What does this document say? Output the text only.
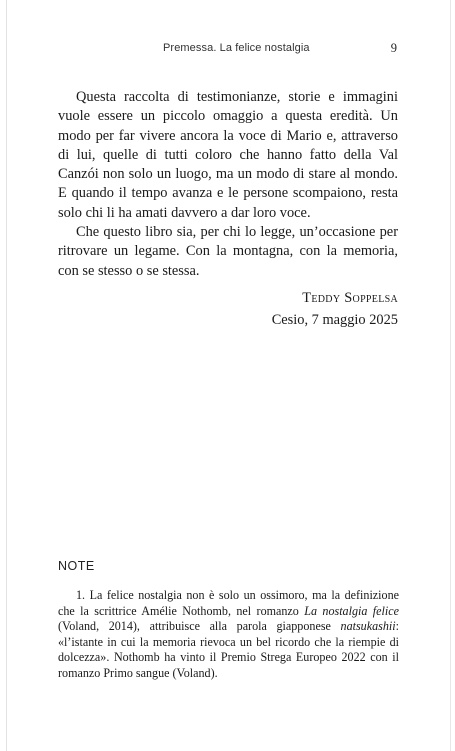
Premessa. La felice nostalgia	9

Questa raccolta di testimonianze, storie e immagini vuole essere un piccolo omaggio a questa eredità. Un modo per far vivere ancora la voce di Mario e, attraverso di lui, quelle di tutti coloro che hanno fatto della Val Canzói non solo un luogo, ma un modo di stare al mondo. E quando il tempo avanza e le persone scompaiono, resta solo chi li ha amati davvero a dar loro voce.

Che questo libro sia, per chi lo legge, un’occasione per ritrovare un legame. Con la montagna, con la memoria, con se stesso o se stessa.

Teddy Soppelsa
Cesio, 7 maggio 2025
NOTE

1. La felice nostalgia non è solo un ossimoro, ma la definizione che la scrittrice Amélie Nothomb, nel romanzo La nostalgia felice (Voland, 2014), attribuisce alla parola giapponese natsukashii: «l’istante in cui la memoria rievoca un bel ricordo che la riempie di dolcezza». Nothomb ha vinto il Premio Strega Europeo 2022 con il romanzo Primo sangue (Voland).
